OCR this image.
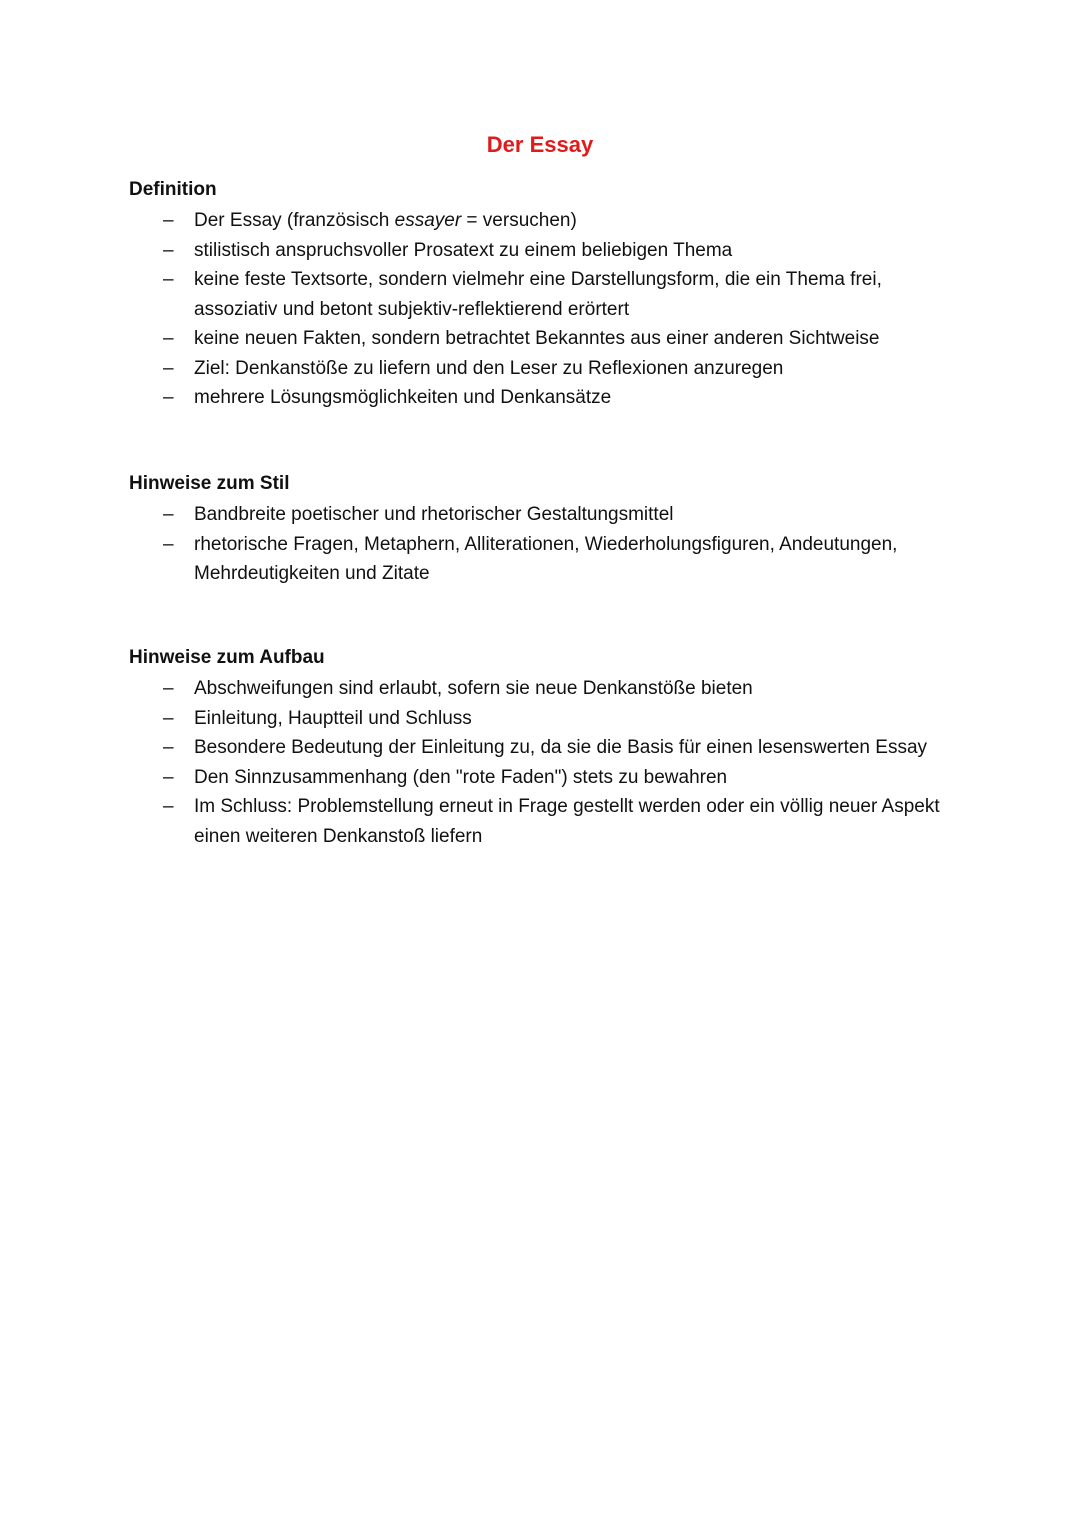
Der Essay
Definition
– Der Essay (französisch essayer = versuchen)
– stilistisch anspruchsvoller Prosatext zu einem beliebigen Thema
– keine feste Textsorte, sondern vielmehr eine Darstellungsform, die ein Thema frei, assoziativ und betont subjektiv-reflektierend erörtert
– keine neuen Fakten, sondern betrachtet Bekanntes aus einer anderen Sichtweise
– Ziel: Denkanstöße zu liefern und den Leser zu Reflexionen anzuregen
– mehrere Lösungsmöglichkeiten und Denkansätze
Hinweise zum Stil
– Bandbreite poetischer und rhetorischer Gestaltungsmittel
– rhetorische Fragen, Metaphern, Alliterationen, Wiederholungsfiguren, Andeutungen, Mehrdeutigkeiten und Zitate
Hinweise zum Aufbau
– Abschweifungen sind erlaubt, sofern sie neue Denkanstöße bieten
– Einleitung, Hauptteil und Schluss
– Besondere Bedeutung der Einleitung zu, da sie die Basis für einen lesenswerten Essay
– Den Sinnzusammenhang (den "rote Faden") stets zu bewahren
– Im Schluss: Problemstellung erneut in Frage gestellt werden oder ein völlig neuer Aspekt einen weiteren Denkanstoß liefern
